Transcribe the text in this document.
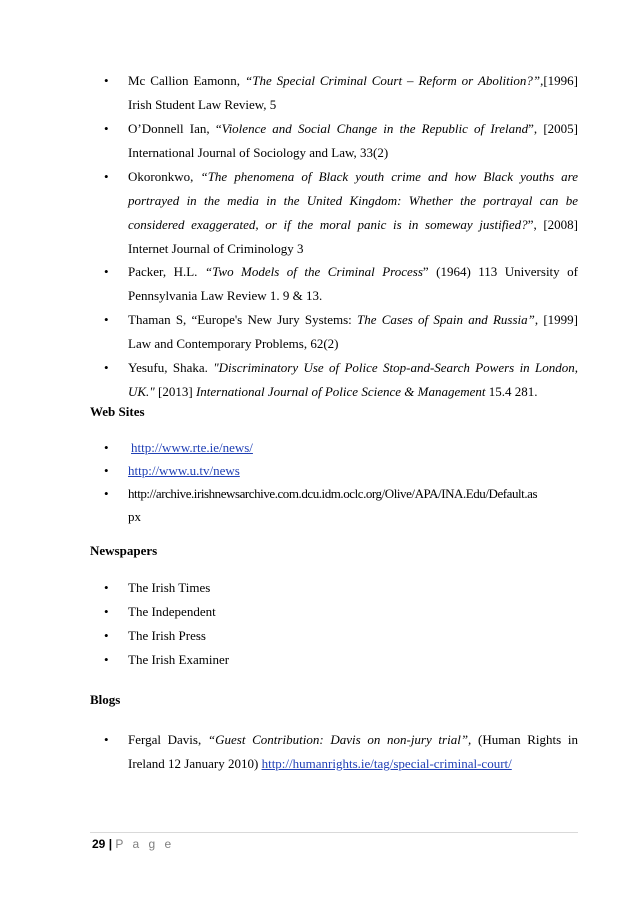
• Mc Callion Eamonn, “The Special Criminal Court – Reform or Abolition?”,[1996]
Irish Student Law Review, 5
• O’Donnell Ian, “Violence and Social Change in the Republic of Ireland”, [2005]
International Journal of Sociology and Law, 33(2)
• Okoronkwo, “The phenomena of Black youth crime and how Black youths are
portrayed in the media in the United Kingdom: Whether the portrayal can be
considered exaggerated, or if the moral panic is in someway justified?”, [2008]
Internet Journal of Criminology 3
• Packer, H.L. “Two Models of the Criminal Process” (1964) 113 University of
Pennsylvania Law Review 1. 9 & 13.
• Thaman S, “Europe's New Jury Systems: The Cases of Spain and Russia”, [1999]
Law and Contemporary Problems, 62(2)
• Yesufu, Shaka. "Discriminatory Use of Police Stop-and-Search Powers in London,
UK." [2013] International Journal of Police Science & Management 15.4 281.
Web Sites
• http://www.rte.ie/news/
• http://www.u.tv/news
• http://archive.irishnewsarchive.com.dcu.idm.oclc.org/Olive/APA/INA.Edu/Default.as
px
Newspapers
• The Irish Times
• The Independent
• The Irish Press
• The Irish Examiner
Blogs
• Fergal Davis, “Guest Contribution: Davis on non-jury trial”, (Human Rights in
Ireland 12 January 2010) http://humanrights.ie/tag/special-criminal-court/
29 | P a g e
